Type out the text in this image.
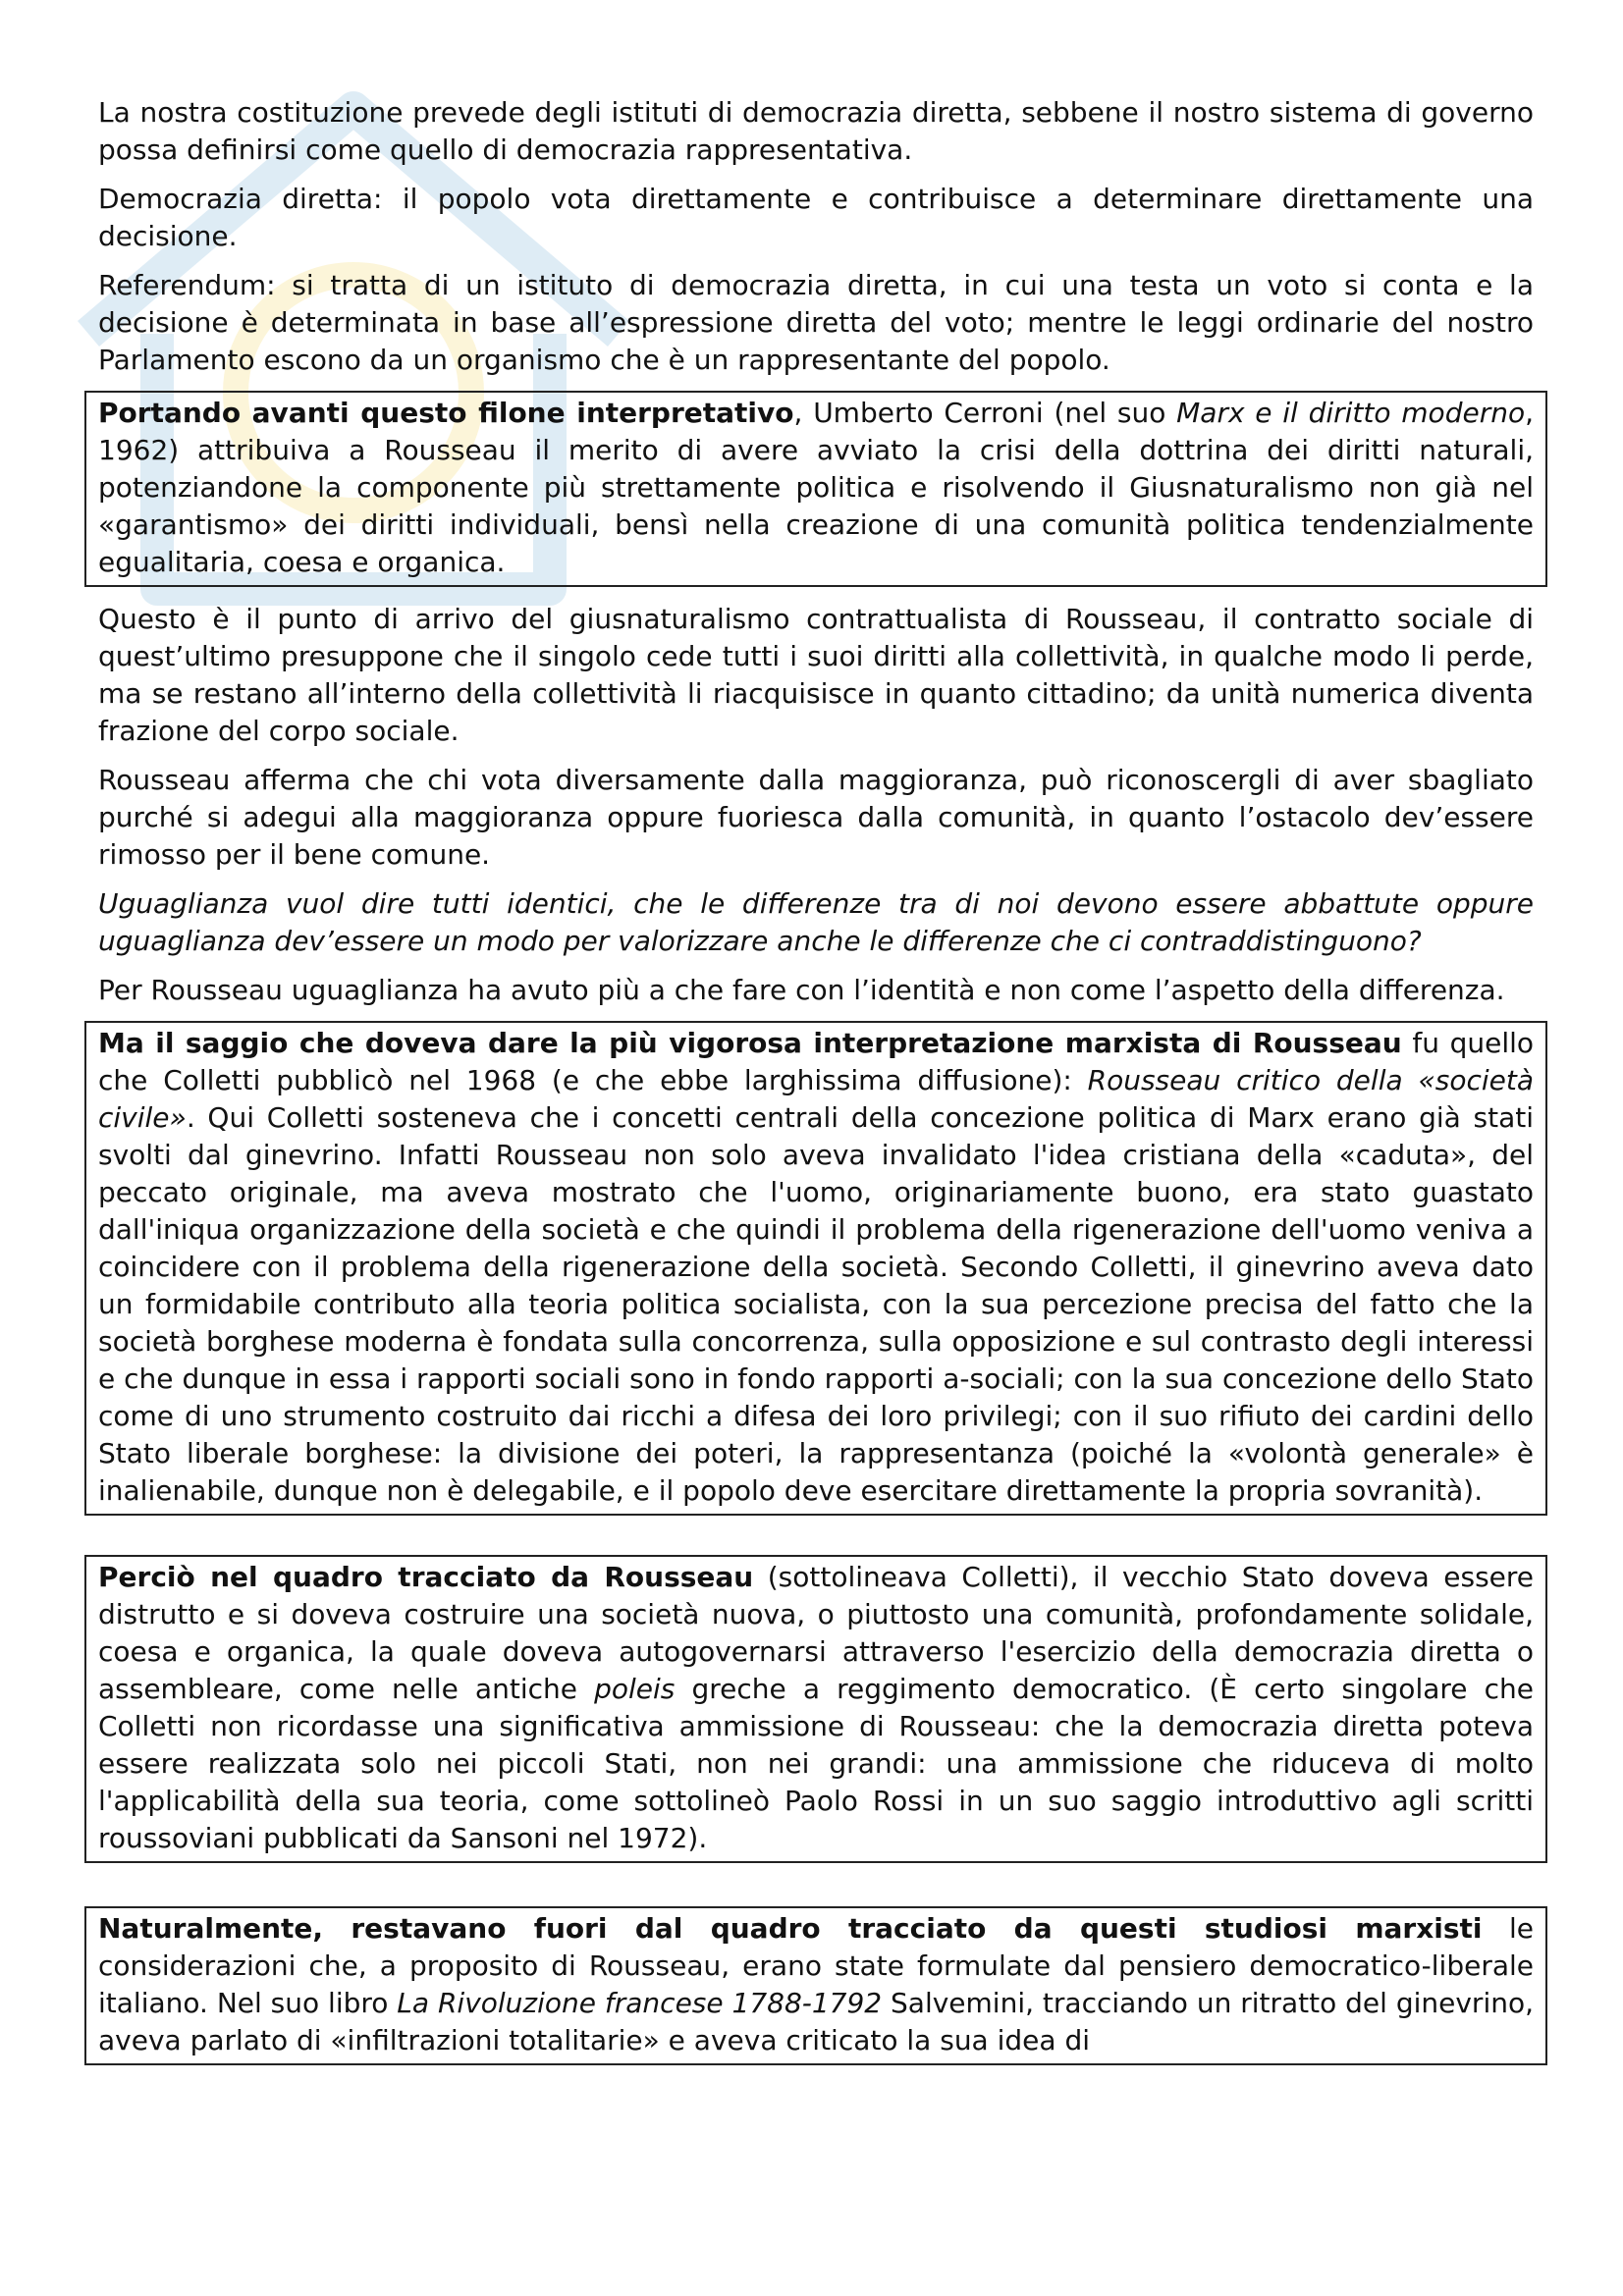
La nostra costituzione prevede degli istituti di democrazia diretta, sebbene il nostro sistema di governo possa definirsi come quello di democrazia rappresentativa.

Democrazia diretta: il popolo vota direttamente e contribuisce a determinare direttamente una decisione.

Referendum: si tratta di un istituto di democrazia diretta, in cui una testa un voto si conta e la decisione è determinata in base all’espressione diretta del voto; mentre le leggi ordinarie del nostro Parlamento escono da un organismo che è un rappresentante del popolo.

Portando avanti questo filone interpretativo, Umberto Cerroni (nel suo Marx e il diritto moderno, 1962) attribuiva a Rousseau il merito di avere avviato la crisi della dottrina dei diritti naturali, potenziandone la componente più strettamente politica e risolvendo il Giusnaturalismo non già nel «garantismo» dei diritti individuali, bensì nella creazione di una comunità politica tendenzialmente egualitaria, coesa e organica.

Questo è il punto di arrivo del giusnaturalismo contrattualista di Rousseau, il contratto sociale di quest’ultimo presuppone che il singolo cede tutti i suoi diritti alla collettività, in qualche modo li perde, ma se restano all’interno della collettività li riacquisisce in quanto cittadino; da unità numerica diventa frazione del corpo sociale.

Rousseau afferma che chi vota diversamente dalla maggioranza, può riconoscergli di aver sbagliato purché si adegui alla maggioranza oppure fuoriesca dalla comunità, in quanto l’ostacolo dev’essere rimosso per il bene comune.

Uguaglianza vuol dire tutti identici, che le differenze tra di noi devono essere abbattute oppure uguaglianza dev’essere un modo per valorizzare anche le differenze che ci contraddistinguono?

Per Rousseau uguaglianza ha avuto più a che fare con l’identità e non come l’aspetto della differenza.

Ma il saggio che doveva dare la più vigorosa interpretazione marxista di Rousseau fu quello che Colletti pubblicò nel 1968 (e che ebbe larghissima diffusione): Rousseau critico della «società civile». Qui Colletti sosteneva che i concetti centrali della concezione politica di Marx erano già stati svolti dal ginevrino. Infatti Rousseau non solo aveva invalidato l'idea cristiana della «caduta», del peccato originale, ma aveva mostrato che l'uomo, originariamente buono, era stato guastato dall'iniqua organizzazione della società e che quindi il problema della rigenerazione dell'uomo veniva a coincidere con il problema della rigenerazione della società. Secondo Colletti, il ginevrino aveva dato un formidabile contributo alla teoria politica socialista, con la sua percezione precisa del fatto che la società borghese moderna è fondata sulla concorrenza, sulla opposizione e sul contrasto degli interessi e che dunque in essa i rapporti sociali sono in fondo rapporti a-sociali; con la sua concezione dello Stato come di uno strumento costruito dai ricchi a difesa dei loro privilegi; con il suo rifiuto dei cardini dello Stato liberale borghese: la divisione dei poteri, la rappresentanza (poiché la «volontà generale» è inalienabile, dunque non è delegabile, e il popolo deve esercitare direttamente la propria sovranità).

Perciò nel quadro tracciato da Rousseau (sottolineava Colletti), il vecchio Stato doveva essere distrutto e si doveva costruire una società nuova, o piuttosto una comunità, profondamente solidale, coesa e organica, la quale doveva autogovernarsi attraverso l'esercizio della democrazia diretta o assembleare, come nelle antiche poleis greche a reggimento democratico. (È certo singolare che Colletti non ricordasse una significativa ammissione di Rousseau: che la democrazia diretta poteva essere realizzata solo nei piccoli Stati, non nei grandi: una ammissione che riduceva di molto l'applicabilità della sua teoria, come sottolineò Paolo Rossi in un suo saggio introduttivo agli scritti roussoviani pubblicati da Sansoni nel 1972).

Naturalmente, restavano fuori dal quadro tracciato da questi studiosi marxisti le considerazioni che, a proposito di Rousseau, erano state formulate dal pensiero democratico-liberale italiano. Nel suo libro La Rivoluzione francese 1788-1792 Salvemini, tracciando un ritratto del ginevrino, aveva parlato di «infiltrazioni totalitarie» e aveva criticato la sua idea di
